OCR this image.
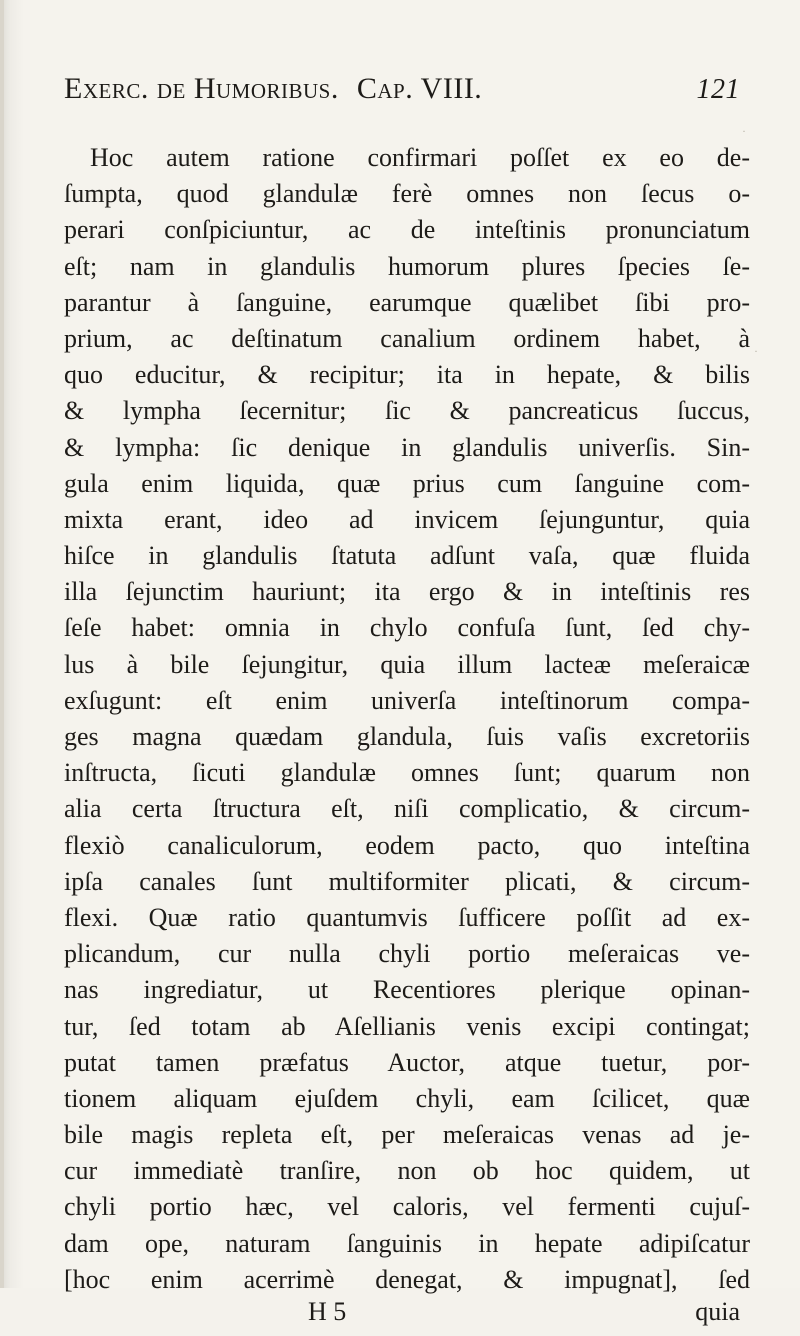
Exerc. de Humoribus. Cap. VIII.	121
Hoc autem ratione confirmari poſſet ex eo de-
ſumpta, quod glandulæ ferè omnes non ſecus o-
perari conſpiciuntur, ac de inteſtinis pronunciatum
eſt; nam in glandulis humorum plures ſpecies ſe-
parantur à ſanguine, earumque quælibet ſibi pro-
prium, ac deſtinatum canalium ordinem habet, à
quo educitur, & recipitur; ita in hepate, & bilis
& lympha ſecernitur; ſic & pancreaticus ſuccus,
& lympha: ſic denique in glandulis univerſis. Sin-
gula enim liquida, quæ prius cum ſanguine com-
mixta erant, ideo ad invicem ſejunguntur, quia
hiſce in glandulis ſtatuta adſunt vaſa, quæ fluida
illa ſejunctim hauriunt; ita ergo & in inteſtinis res
ſeſe habet: omnia in chylo confuſa ſunt, ſed chy-
lus à bile ſejungitur, quia illum lacteæ meſeraicæ
exſugunt: eſt enim univerſa inteſtinorum compa-
ges magna quædam glandula, ſuis vaſis excretoriis
inſtructa, ſicuti glandulæ omnes ſunt; quarum non
alia certa ſtructura eſt, niſi complicatio, & circum-
flexiò canaliculorum, eodem pacto, quo inteſtina
ipſa canales ſunt multiformiter plicati, & circum-
flexi. Quæ ratio quantumvis ſufficere poſſit ad ex-
plicandum, cur nulla chyli portio meſeraicas ve-
nas ingrediatur, ut Recentiores plerique opinan-
tur, ſed totam ab Aſellianis venis excipi contingat;
putat tamen præfatus Auctor, atque tuetur, por-
tionem aliquam ejuſdem chyli, eam ſcilicet, quæ
bile magis repleta eſt, per meſeraicas venas ad je-
cur immediatè tranſire, non ob hoc quidem, ut
chyli portio hæc, vel caloris, vel fermenti cujuſ-
dam ope, naturam ſanguinis in hepate adipiſcatur
[hoc enim acerrimè denegat, & impugnat], ſed
H 5	quia
·
·
